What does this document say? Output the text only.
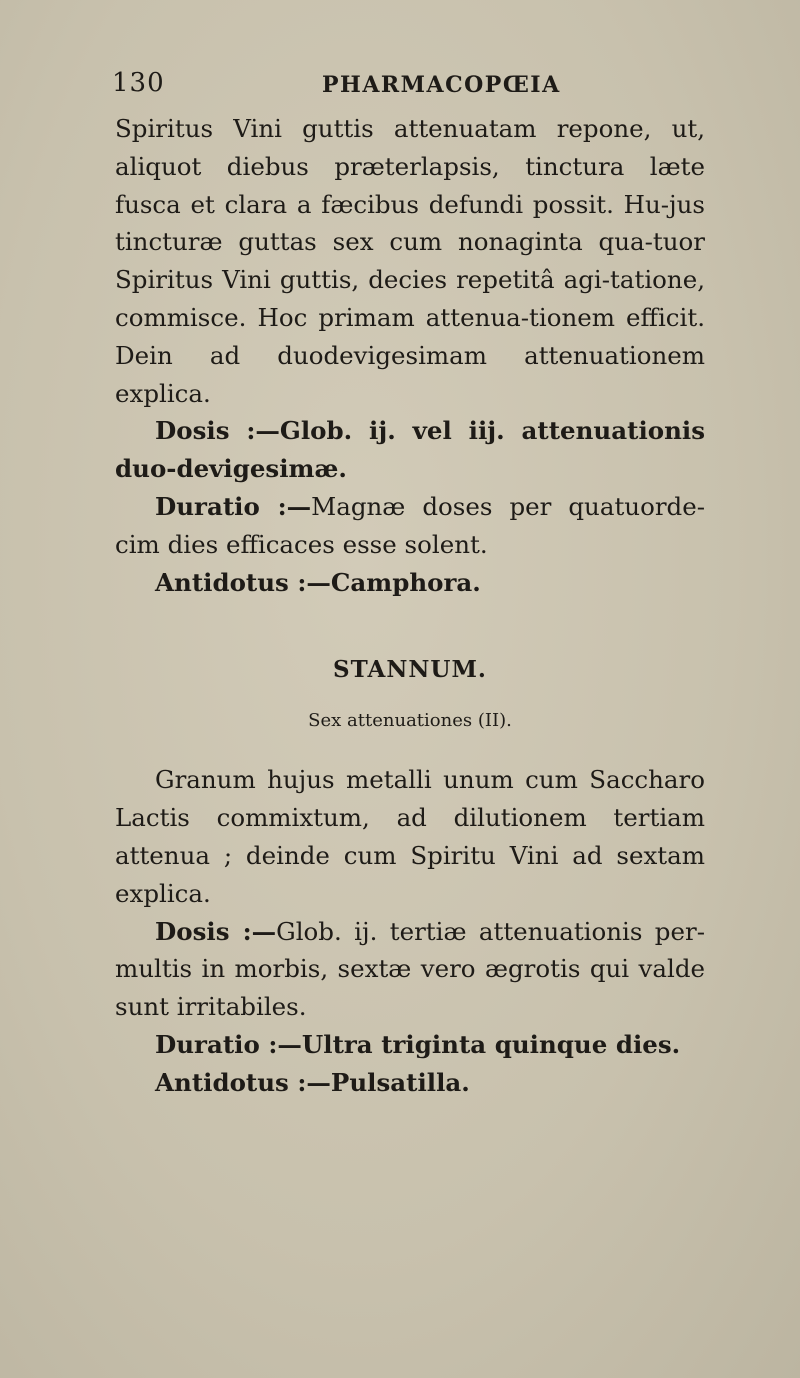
130	PHARMACOPŒIA

Spiritus Vini guttis attenuatam repone, ut, aliquot diebus præterlapsis, tinctura læte fusca et clara a fæcibus defundi possit. Hu-jus tincturæ guttas sex cum nonaginta qua-tuor Spiritus Vini guttis, decies repetitâ agi-tatione, commisce. Hoc primam attenua-tionem efficit. Dein ad duodevigesimam attenuationem explica.

Dosis :—Glob. ij. vel iij. attenuationis duo-devigesimæ.

Duratio :—Magnæ doses per quatuorde-cim dies efficaces esse solent.

Antidotus :—Camphora.

STANNUM.
Sex attenuationes (II).

Granum hujus metalli unum cum Saccharo Lactis commixtum, ad dilutionem tertiam attenua ; deinde cum Spiritu Vini ad sextam explica.

Dosis :—Glob. ij. tertiæ attenuationis per-multis in morbis, sextæ vero ægrotis qui valde sunt irritabiles.

Duratio :—Ultra triginta quinque dies.

Antidotus :—Pulsatilla.
